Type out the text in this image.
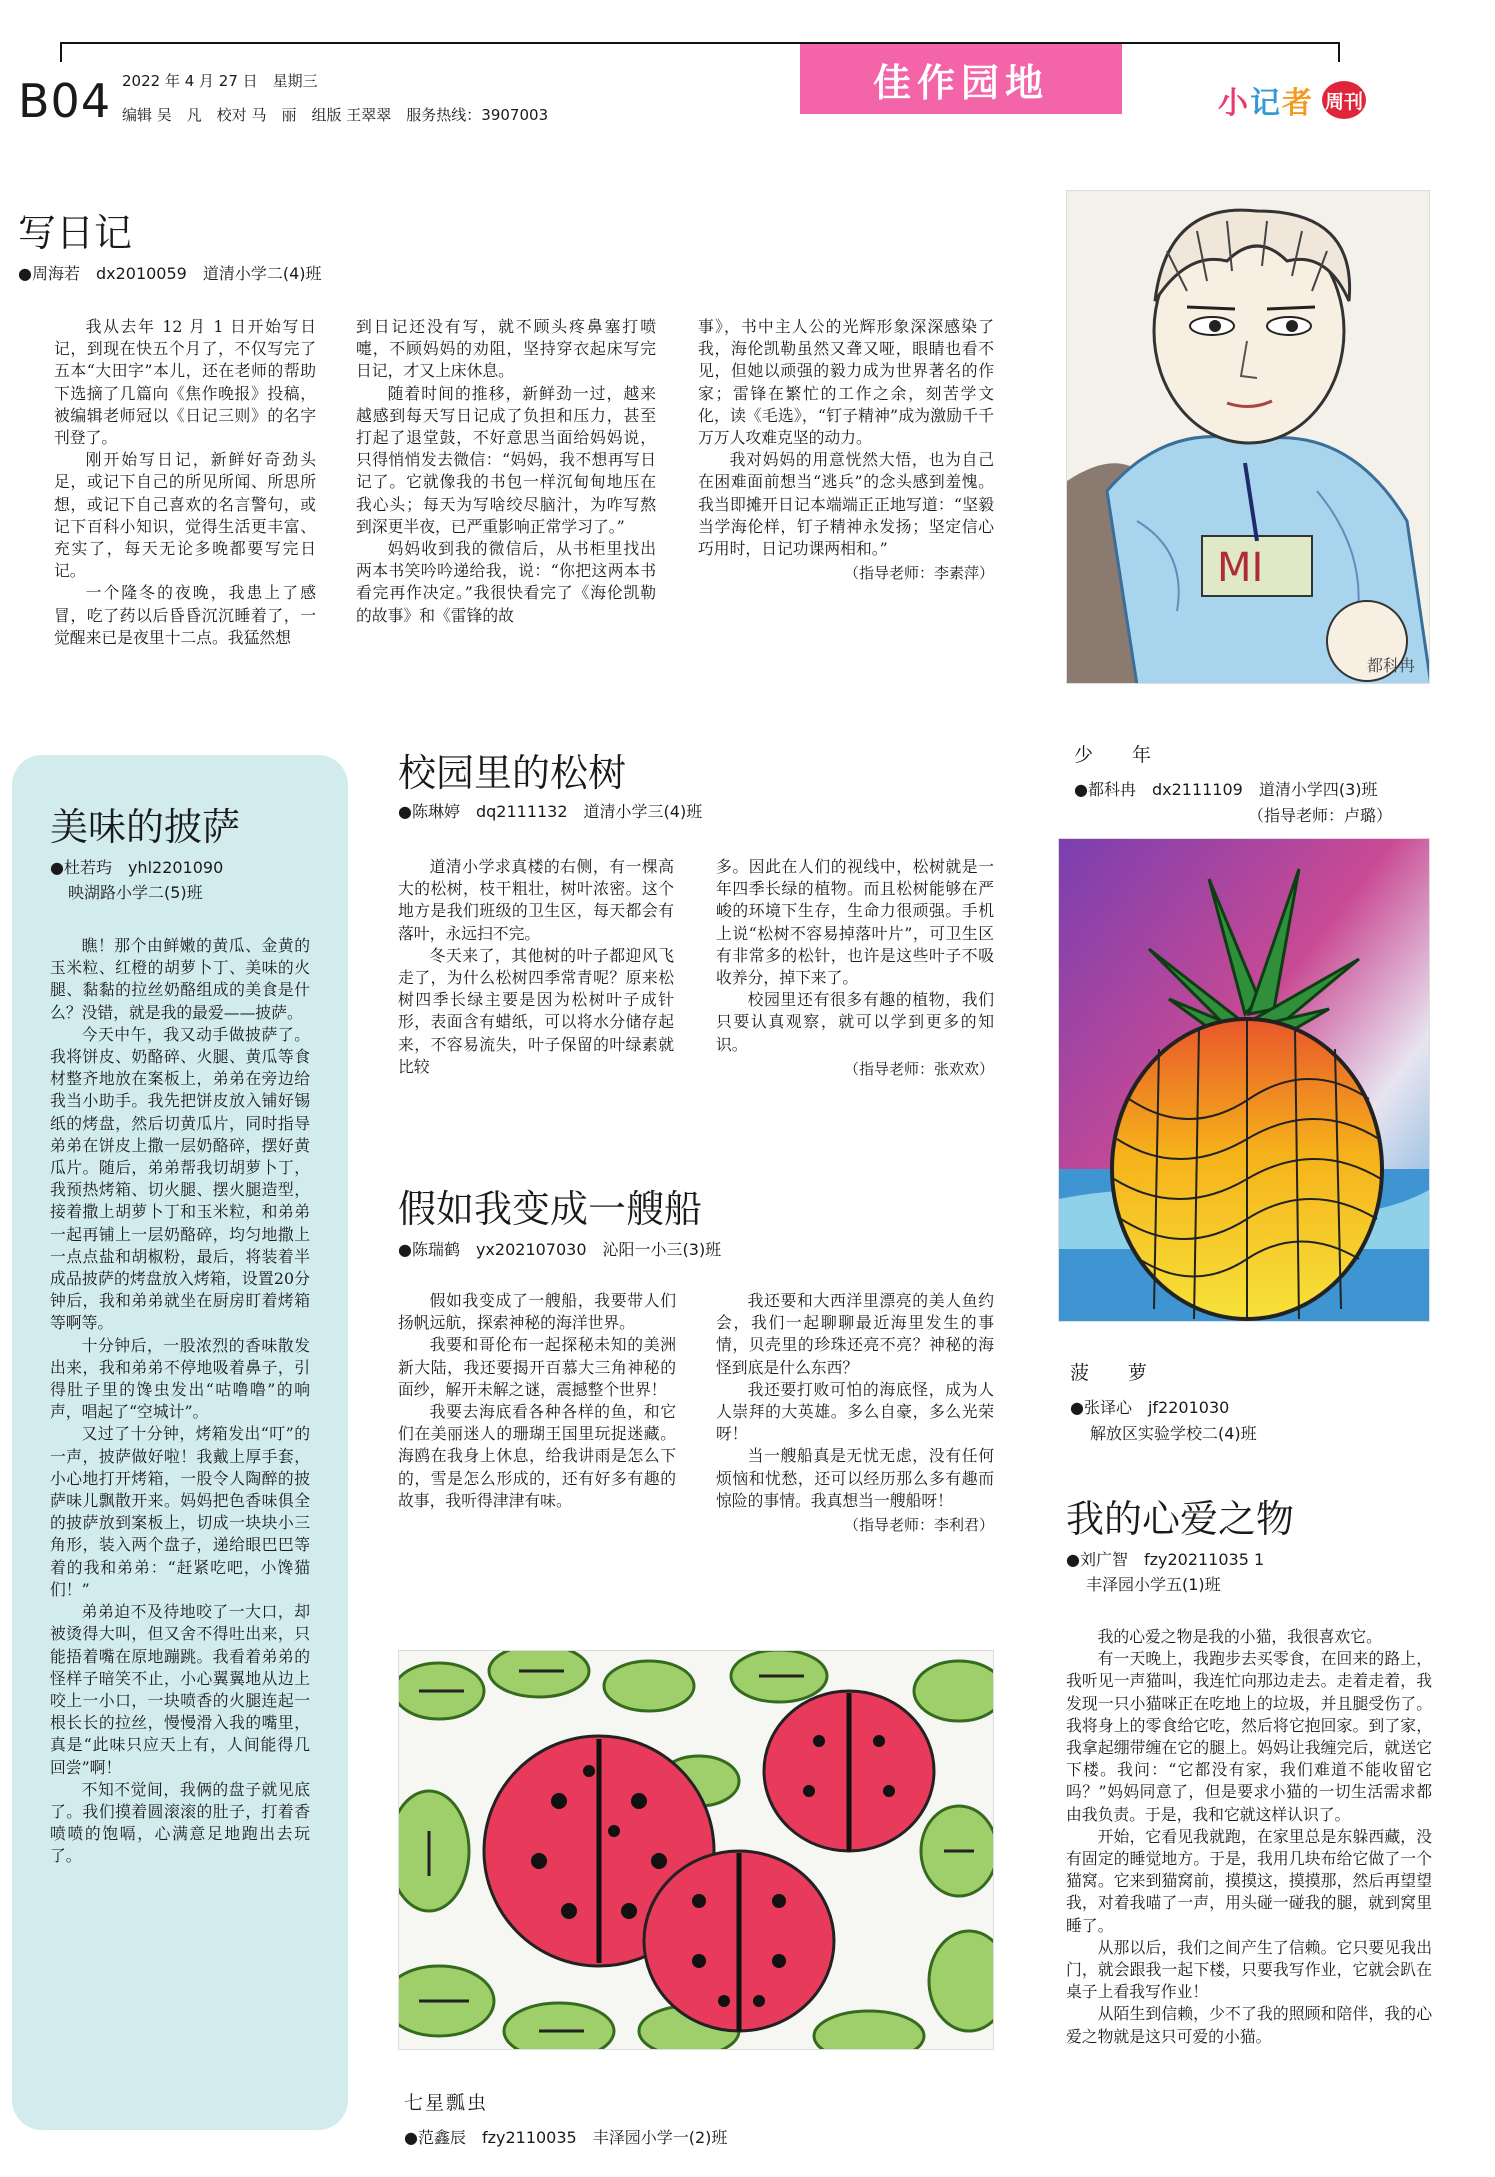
B04 2022 年 4 月 27 日　星期三
编辑 吴　凡　校对 马　丽　组版 王翠翠　服务热线：3907003
佳作园地	小 记 者 周刊
写日记
●周海若　dx2010059　道清小学二(4)班

我从去年 12 月 1 日开始写日记，到现在快五个月了，不仅写完了五本“大田字”本儿，还在老师的帮助下选摘了几篇向《焦作晚报》投稿，被编辑老师冠以《日记三则》的名字刊登了。

刚开始写日记，新鲜好奇劲头足，或记下自己的所见所闻、所思所想，或记下自己喜欢的名言警句，或记下百科小知识，觉得生活更丰富、充实了，每天无论多晚都要写完日记。

一个隆冬的夜晚，我患上了感冒，吃了药以后昏昏沉沉睡着了，一觉醒来已是夜里十二点。我猛然想

到日记还没有写，就不顾头疼鼻塞打喷嚏，不顾妈妈的劝阻，坚持穿衣起床写完日记，才又上床休息。

随着时间的推移，新鲜劲一过，越来越感到每天写日记成了负担和压力，甚至打起了退堂鼓，不好意思当面给妈妈说，只得悄悄发去微信：“妈妈，我不想再写日记了。它就像我的书包一样沉甸甸地压在我心头；每天为写啥绞尽脑汁，为咋写熬到深更半夜，已严重影响正常学习了。”

妈妈收到我的微信后，从书柜里找出两本书笑吟吟递给我，说：“你把这两本书看完再作决定。”我很快看完了《海伦凯勒的故事》和《雷锋的故

事》，书中主人公的光辉形象深深感染了我，海伦凯勒虽然又聋又哑，眼睛也看不见，但她以顽强的毅力成为世界著名的作家；雷锋在繁忙的工作之余，刻苦学文化，读《毛选》，“钉子精神”成为激励千千万万人攻难克坚的动力。

我对妈妈的用意恍然大悟，也为自己在困难面前想当“逃兵”的念头感到羞愧。我当即摊开日记本端端正正地写道：“坚毅当学海伦样，钉子精神永发扬；坚定信心巧用时，日记功课两相和。”

（指导老师：李素萍）	MI
都科冉
少　年
●都科冉　dx2111109　道清小学四(3)班
（指导老师：卢璐）
美味的披萨
●杜若玙　yhl2201090
映湖路小学二(5)班

瞧！那个由鲜嫩的黄瓜、金黄的玉米粒、红橙的胡萝卜丁、美味的火腿、黏黏的拉丝奶酪组成的美食是什么？没错，就是我的最爱——披萨。

今天中午，我又动手做披萨了。我将饼皮、奶酪碎、火腿、黄瓜等食材整齐地放在案板上，弟弟在旁边给我当小助手。我先把饼皮放入铺好锡纸的烤盘，然后切黄瓜片，同时指导弟弟在饼皮上撒一层奶酪碎，摆好黄瓜片。随后，弟弟帮我切胡萝卜丁，我预热烤箱、切火腿、摆火腿造型，接着撒上胡萝卜丁和玉米粒，和弟弟一起再铺上一层奶酪碎，均匀地撒上一点点盐和胡椒粉，最后，将装着半成品披萨的烤盘放入烤箱，设置20分钟后，我和弟弟就坐在厨房盯着烤箱等啊等。

十分钟后，一股浓烈的香味散发出来，我和弟弟不停地吸着鼻子，引得肚子里的馋虫发出“咕噜噜”的响声，唱起了“空城计”。

又过了十分钟，烤箱发出“叮”的一声，披萨做好啦！我戴上厚手套，小心地打开烤箱，一股令人陶醉的披萨味儿飘散开来。妈妈把色香味俱全的披萨放到案板上，切成一块块小三角形，装入两个盘子，递给眼巴巴等着的我和弟弟：“赶紧吃吧，小馋猫们！”

弟弟迫不及待地咬了一大口，却被烫得大叫，但又舍不得吐出来，只能捂着嘴在原地蹦跳。我看着弟弟的怪样子暗笑不止，小心翼翼地从边上咬上一小口，一块喷香的火腿连起一根长长的拉丝，慢慢滑入我的嘴里，真是“此味只应天上有，人间能得几回尝”啊！

不知不觉间，我俩的盘子就见底了。我们摸着圆滚滚的肚子，打着香喷喷的饱嗝，心满意足地跑出去玩了。

校园里的松树
●陈琳婷　dq2111132　道清小学三(4)班

道清小学求真楼的右侧，有一棵高大的松树，枝干粗壮，树叶浓密。这个地方是我们班级的卫生区，每天都会有落叶，永远扫不完。

冬天来了，其他树的叶子都迎风飞走了，为什么松树四季常青呢？原来松树四季长绿主要是因为松树叶子成针形，表面含有蜡纸，可以将水分储存起来，不容易流失，叶子保留的叶绿素就比较

多。因此在人们的视线中，松树就是一年四季长绿的植物。而且松树能够在严峻的环境下生存，生命力很顽强。手机上说“松树不容易掉落叶片”，可卫生区有非常多的松针，也许是这些叶子不吸收养分，掉下来了。

校园里还有很多有趣的植物，我们只要认真观察，就可以学到更多的知识。

（指导老师：张欢欢）
菠　萝
●张译心　jf2201030
解放区实验学校二(4)班
假如我变成一艘船
●陈瑞鹤　yx202107030　沁阳一小三(3)班

假如我变成了一艘船，我要带人们扬帆远航，探索神秘的海洋世界。

我要和哥伦布一起探秘未知的美洲新大陆，我还要揭开百慕大三角神秘的面纱，解开未解之谜，震撼整个世界！

我要去海底看各种各样的鱼，和它们在美丽迷人的珊瑚王国里玩捉迷藏。海鸥在我身上休息，给我讲雨是怎么下的，雪是怎么形成的，还有好多有趣的故事，我听得津津有味。

我还要和大西洋里漂亮的美人鱼约会，我们一起聊聊最近海里发生的事情，贝壳里的珍珠还亮不亮？神秘的海怪到底是什么东西？

我还要打败可怕的海底怪，成为人人崇拜的大英雄。多么自豪，多么光荣呀！

当一艘船真是无忧无虑，没有任何烦恼和忧愁，还可以经历那么多有趣而惊险的事情。我真想当一艘船呀！

（指导老师：李利君） 我的心爱之物
●刘广智　fzy20211035 1
丰泽园小学五(1)班

我的心爱之物是我的小猫，我很喜欢它。

有一天晚上，我跑步去买零食，在回来的路上，我听见一声猫叫，我连忙向那边走去。走着走着，我发现一只小猫咪正在吃地上的垃圾，并且腿受伤了。我将身上的零食给它吃，然后将它抱回家。到了家，我拿起绷带缠在它的腿上。妈妈让我缠完后，就送它下楼。我问：“它都没有家，我们难道不能收留它吗？”妈妈同意了，但是要求小猫的一切生活需求都由我负责。于是，我和它就这样认识了。

开始，它看见我就跑，在家里总是东躲西藏，没有固定的睡觉地方。于是，我用几块布给它做了一个猫窝。它来到猫窝前，摸摸这，摸摸那，然后再望望我，对着我喵了一声，用头碰一碰我的腿，就到窝里睡了。

从那以后，我们之间产生了信赖。它只要见我出门，就会跟我一起下楼，只要我写作业，它就会趴在桌子上看我写作业！

从陌生到信赖，少不了我的照顾和陪伴，我的心爱之物就是这只可爱的小猫。

七星瓢虫
●范鑫辰　fzy2110035　丰泽园小学一(2)班
